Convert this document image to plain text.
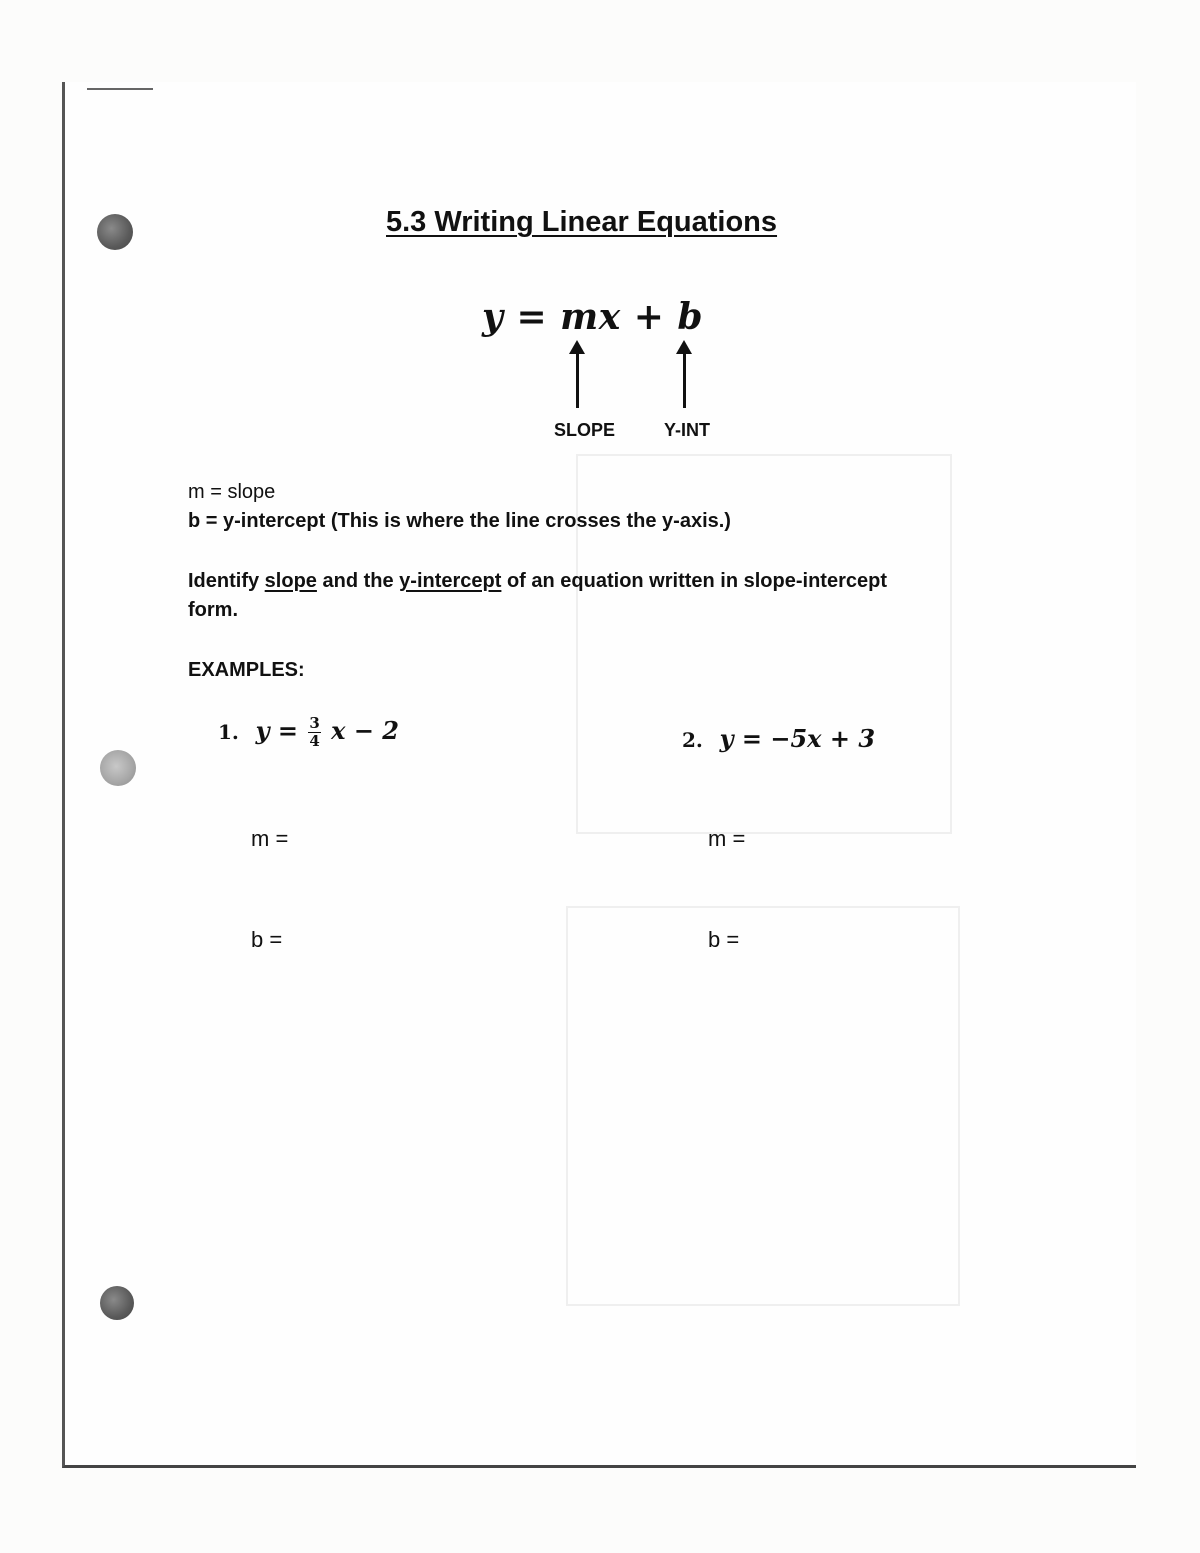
5.3 Writing Linear Equations
y = mx + b
SLOPE	Y-INT
m = slope
b = y-intercept (This is where the line crosses the y-axis.)
Identify slope and the y-intercept of an equation written in slope-intercept
form.
EXAMPLES:
1. $y = \frac{3}{4}$ x − 2	2. y = −5x + 3
m =	m =
b =	b =
